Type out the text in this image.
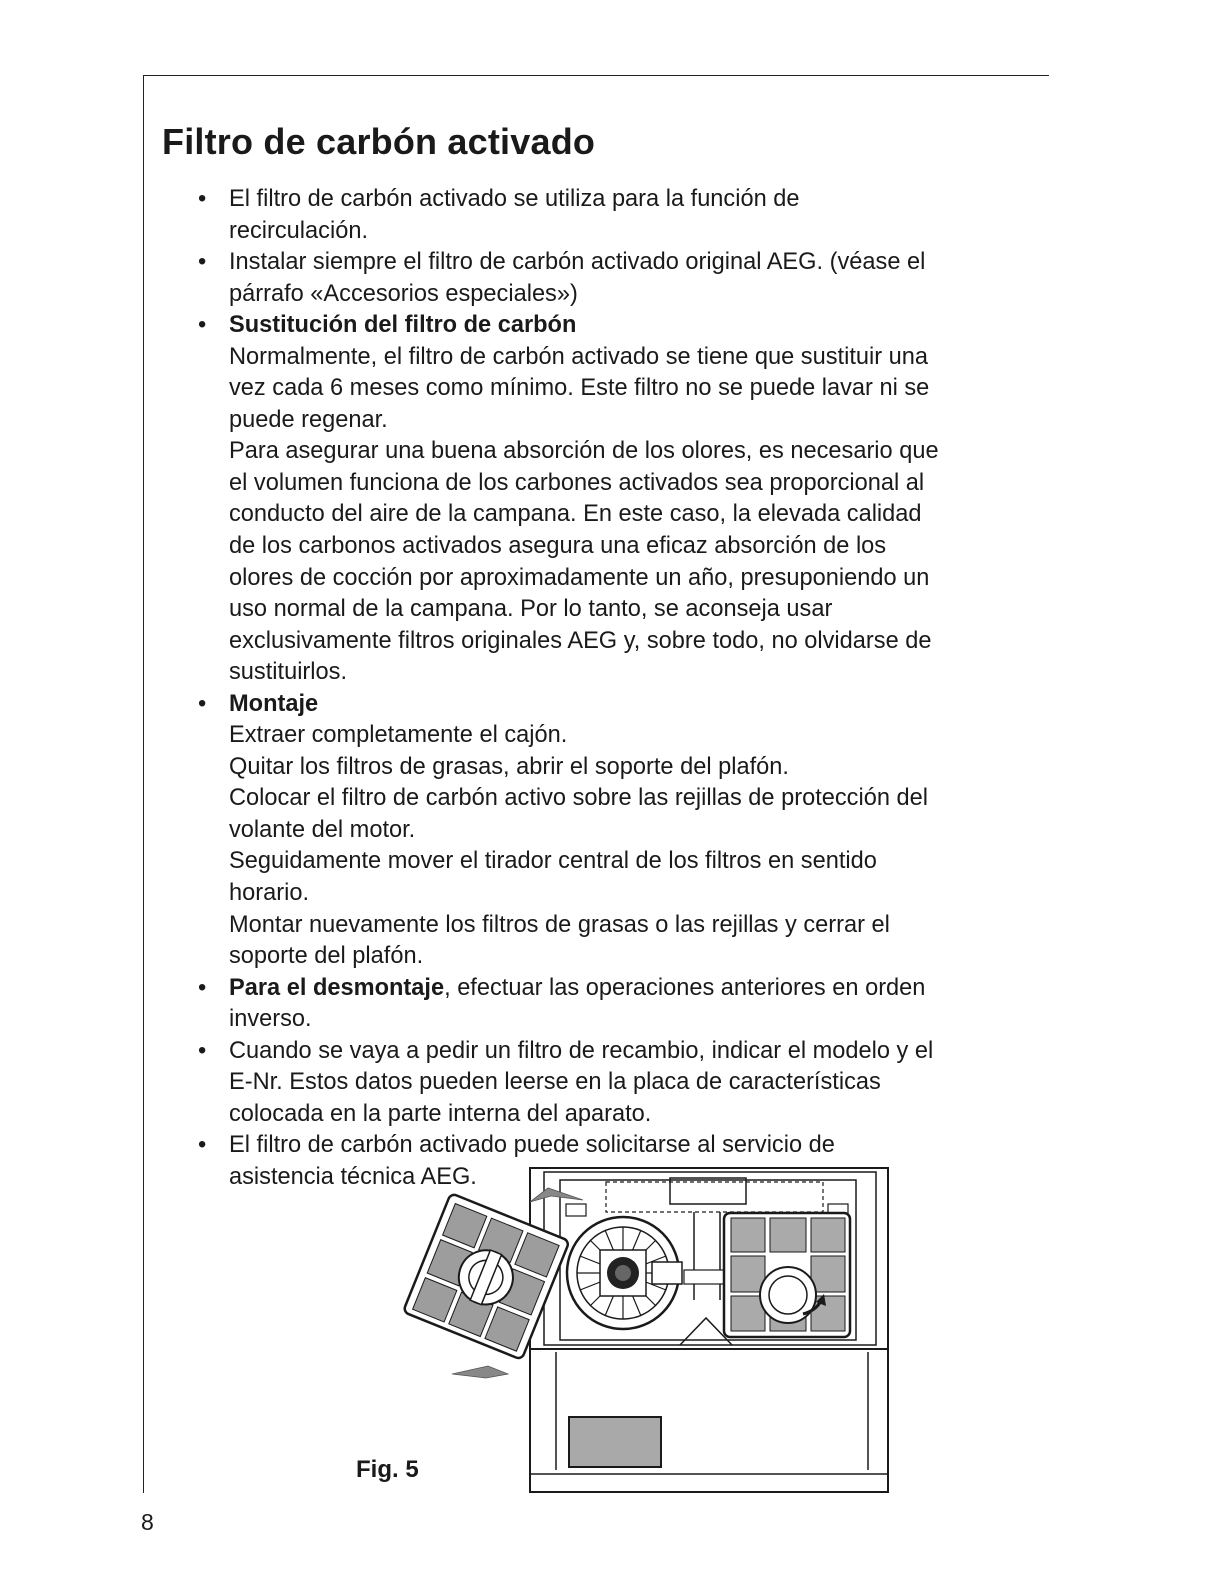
Filtro de carbón activado
• El filtro de carbón activado se utiliza para la función de
recirculación.
• Instalar siempre el filtro de carbón activado original AEG. (véase el
párrafo «Accesorios especiales»)
• Sustitución del filtro de carbón
Normalmente, el filtro de carbón activado se tiene que sustituir una
vez cada 6 meses como mínimo. Este filtro no se puede lavar ni se
puede regenar.
Para asegurar una buena absorción de los olores, es necesario que
el volumen funciona de los carbones activados sea proporcional al
conducto del aire de la campana. En este caso, la elevada calidad
de los carbonos activados asegura una eficaz absorción de los
olores de cocción por aproximadamente un año, presuponiendo un
uso normal de la campana. Por lo tanto, se aconseja usar
exclusivamente filtros originales AEG y, sobre todo, no olvidarse de
sustituirlos.
• Montaje
Extraer completamente el cajón.
Quitar los filtros de grasas, abrir el soporte del plafón.
Colocar el filtro de carbón activo sobre las rejillas de protección del
volante del motor.
Seguidamente mover el tirador central de los filtros en sentido
horario.
Montar nuevamente los filtros de grasas o las rejillas y cerrar el
soporte del plafón.
• Para el desmontaje, efectuar las operaciones anteriores en orden
inverso.
• Cuando se vaya a pedir un filtro de recambio, indicar el modelo y el
E-Nr. Estos datos pueden leerse en la placa de características
colocada en la parte interna del aparato.
• El filtro de carbón activado puede solicitarse al servicio de
asistencia técnica AEG.
Fig. 5
8
